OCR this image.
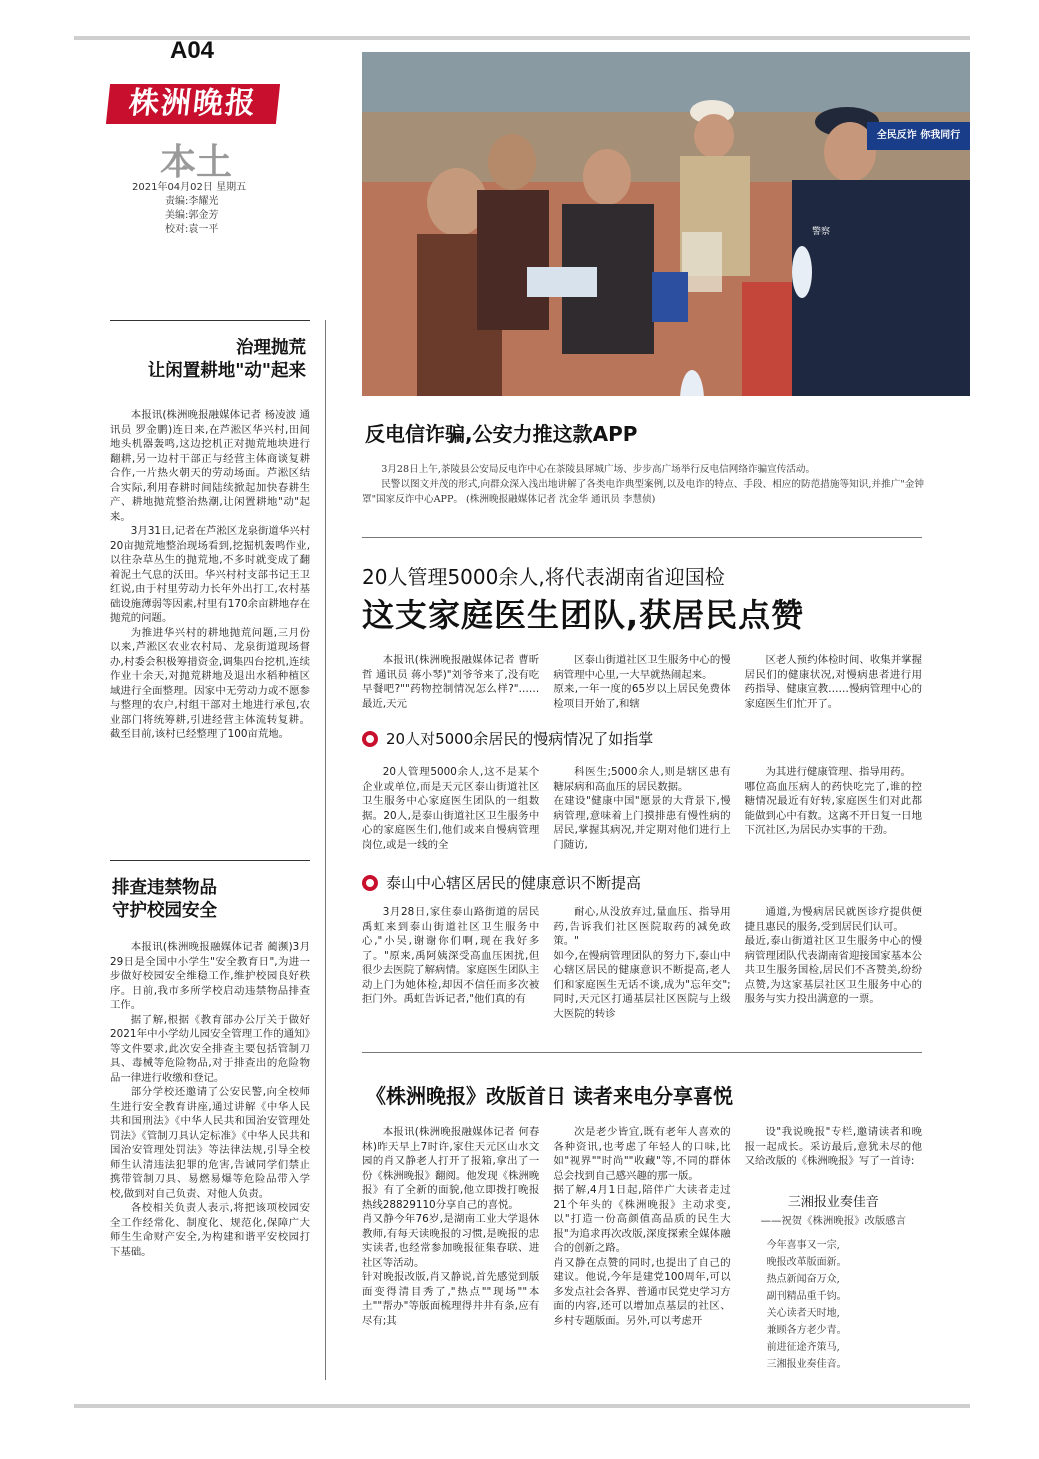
A04
株洲晚报
本土
2021年04月02日 星期五
责编:李耀光
美编:郭金芳
校对:袁一平
治理抛荒
让闲置耕地"动"起来

本报讯(株洲晚报融媒体记者 杨凌波 通讯员 罗金鹏)连日来,在芦淞区华兴村,田间地头机器轰鸣,这边挖机正对抛荒地块进行翻耕,另一边村干部正与经营主体商谈复耕合作,一片热火朝天的劳动场面。芦淞区结合实际,利用春耕时间陆续掀起加快春耕生产、耕地抛荒整治热潮,让闲置耕地"动"起来。

3月31日,记者在芦淞区龙泉街道华兴村20亩抛荒地整治现场看到,挖掘机轰鸣作业,以往杂草丛生的抛荒地,不多时就变成了翻着泥土气息的沃田。华兴村村支部书记王卫红说,由于村里劳动力长年外出打工,农村基础设施薄弱等因素,村里有170余亩耕地存在抛荒的问题。

为推进华兴村的耕地抛荒问题,三月份以来,芦淞区农业农村局、龙泉街道现场督办,村委会积极筹措资金,调集四台挖机,连续作业十余天,对抛荒耕地及退出水稻种植区域进行全面整理。因家中无劳动力或不愿参与整理的农户,村组干部对土地进行承包,农业部门将统筹耕,引进经营主体流转复耕。截至目前,该村已经整理了100亩荒地。

排查违禁物品
守护校园安全

本报讯(株洲晚报融媒体记者 蔺濒)3月29日是全国中小学生"安全教育日",为进一步做好校园安全维稳工作,维护校园良好秩序。日前,我市多所学校启动违禁物品排查工作。

据了解,根据《教育部办公厅关于做好2021年中小学幼儿园安全管理工作的通知》等文件要求,此次安全排查主要包括管制刀具、毒械等危险物品,对于排查出的危险物品一律进行收缴和登记。

部分学校还邀请了公安民警,向全校师生进行安全教育讲座,通过讲解《中华人民共和国刑法》《中华人民共和国治安管理处罚法》《管制刀具认定标准》《中华人民共和国治安管理处罚法》等法律法规,引导全校师生认清违法犯罪的危害,告诫同学们禁止携带管制刀具、易燃易爆等危险品带入学校,做到对自己负责、对他人负责。

各校相关负责人表示,将把该项校园安全工作经常化、制度化、规范化,保障广大师生生命财产安全,为构建和谐平安校园打下基础。

全民反诈 你我同行
警察
反电信诈骗,公安力推这款APP

3月28日上午,茶陵县公安局反电诈中心在茶陵县犀城广场、步步高广场举行反电信网络诈骗宣传活动。

民警以图文并茂的形式,向群众深入浅出地讲解了各类电诈典型案例,以及电诈的特点、手段、相应的防范措施等知识,并推广"金钟罩"国家反诈中心APP。 (株洲晚报融媒体记者 沈金华 通讯员 李慧侦)

20人管理5000余人,将代表湖南省迎国检
这支家庭医生团队,获居民点赞
本报讯(株洲晚报融媒体记者 曹昕哲 通讯员 蒋小琴)"刘爷爷来了,没有吃早餐吧?""药物控制情况怎么样?"……最近,天元
区泰山街道社区卫生服务中心的慢病管理中心里,一大早就热闹起来。
原来,一年一度的65岁以上居民免费体检项目开始了,和辖
区老人预约体检时间、收集并掌握居民们的健康状况,对慢病患者进行用药指导、健康宣教……慢病管理中心的家庭医生们忙开了。
20人对5000余居民的慢病情况了如指掌
20人管理5000余人,这不是某个企业或单位,而是天元区泰山街道社区卫生服务中心家庭医生团队的一组数据。20人,是泰山街道社区卫生服务中心的家庭医生们,他们或来自慢病管理岗位,或是一线的全
科医生;5000余人,则是辖区患有糖尿病和高血压的居民数据。
在建设"健康中国"愿景的大背景下,慢病管理,意味着上门摸排患有慢性病的居民,掌握其病况,并定期对他们进行上门随访,
为其进行健康管理、指导用药。
哪位高血压病人的药快吃完了,谁的控糖情况最近有好转,家庭医生们对此都能做到心中有数。这离不开日复一日地下沉社区,为居民办实事的干劲。
泰山中心辖区居民的健康意识不断提高
3月28日,家住泰山路街道的居民禹虹来到泰山街道社区卫生服务中心,"小吴,谢谢你们啊,现在我好多了。"原来,禹阿姨深受高血压困扰,但很少去医院了解病情。家庭医生团队主动上门为她体检,却因不信任而多次被拒门外。禹虹告诉记者,"他们真的有
耐心,从没放弃过,量血压、指导用药,告诉我们社区医院取药的减免政策。"
如今,在慢病管理团队的努力下,泰山中心辖区居民的健康意识不断提高,老人们和家庭医生无话不谈,成为"忘年交";同时,天元区打通基层社区医院与上级大医院的转诊
通道,为慢病居民就医诊疗提供便捷且惠民的服务,受到居民们认可。
最近,泰山街道社区卫生服务中心的慢病管理团队代表湖南省迎接国家基本公共卫生服务国检,居民们不吝赞美,纷纷点赞,为这家基层社区卫生服务中心的服务与实力投出满意的一票。
《株洲晚报》改版首日 读者来电分享喜悦
本报讯(株洲晚报融媒体记者 何春林)昨天早上7时许,家住天元区山水文园的肖又静老人打开了报箱,拿出了一份《株洲晚报》翻阅。他发现《株洲晚报》有了全新的面貌,他立即拨打晚报热线28829110分享自己的喜悦。
肖又静今年76岁,是湖南工业大学退休教师,有每天读晚报的习惯,是晚报的忠实读者,也经常参加晚报征集春联、进社区等活动。
针对晚报改版,肖又静说,首先感觉到版面变得清目秀了,"热点""现场""本土""帮办"等版面梳理得井井有条,应有尽有;其
次是老少皆宜,既有老年人喜欢的各种资讯,也考虑了年轻人的口味,比如"视界""时尚""收藏"等,不同的群体总会找到自己感兴趣的那一版。
据了解,4月1日起,陪伴广大读者走过21个年头的《株洲晚报》主动求变,以"打造一份高颜值高品质的民生大报"为追求再次改版,深度探索全媒体融合的创新之路。
肖又静在点赞的同时,也提出了自己的建议。他说,今年是建党100周年,可以多发点社会各界、普通市民党史学习方面的内容,还可以增加点基层的社区、乡村专题版面。另外,可以考虑开
设"我说晚报"专栏,邀请读者和晚报一起成长。采访最后,意犹未尽的他又给改版的《株洲晚报》写了一首诗:
三湘报业奏佳音
——祝贺《株洲晚报》改版感言
今年喜事又一宗,
晚报改革版面新。
热点新闻奋万众,
副刊精品重千钧。
关心读者天时地,
兼顾各方老少青。
前进征途齐策马,
三湘报业奏佳音。
